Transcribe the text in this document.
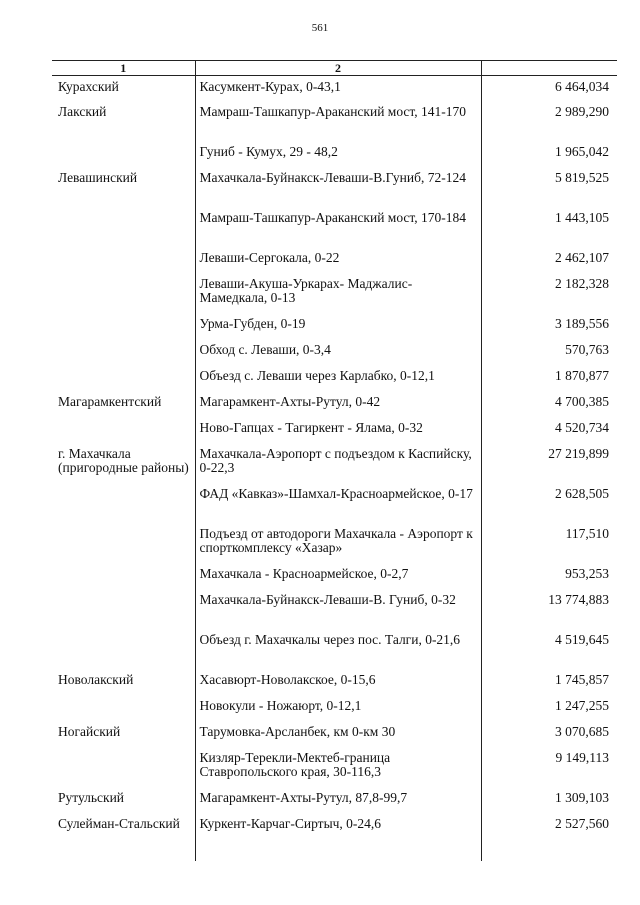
561
1	2	
Курахский	Касумкент-Курах, 0-43,1	6 464,034
Лакский	Мамраш-Ташкапур-Араканский мост, 141-170	2 989,290
	Гуниб - Кумух, 29 - 48,2	1 965,042
Левашинский	Махачкала-Буйнакск-Леваши-В.Гуниб, 72-124	5 819,525
	Мамраш-Ташкапур-Араканский мост, 170-184	1 443,105
	Леваши-Сергокала, 0-22	2 462,107
	Леваши-Акуша-Уркарах- Маджалис-Мамедкала, 0-13	2 182,328
	Урма-Губден, 0-19	3 189,556
	Обход с. Леваши, 0-3,4	570,763
	Объезд с. Леваши через Карлабко, 0-12,1	1 870,877
Магарамкентский	Магарамкент-Ахты-Рутул, 0-42	4 700,385
	Ново-Гапцах - Тагиркент - Ялама, 0-32	4 520,734
г. Махачкала (пригородные районы)	Махачкала-Аэропорт с подъездом к Каспийску, 0-22,3	27 219,899
	ФАД «Кавказ»-Шамхал-Красноармейское, 0-17	2 628,505
	Подъезд от автодороги Махачкала - Аэропорт к спорткомплексу «Хазар»	117,510
	Махачкала - Красноармейское, 0-2,7	953,253
	Махачкала-Буйнакск-Леваши-В. Гуниб, 0-32	13 774,883
	Объезд г. Махачкалы через пос. Талги, 0-21,6	4 519,645
Новолакский	Хасавюрт-Новолакское, 0-15,6	1 745,857
	Новокули - Ножаюрт, 0-12,1	1 247,255
Ногайский	Тарумовка-Арсланбек, км 0-км 30	3 070,685
	Кизляр-Терекли-Мектеб-граница Ставропольского края, 30-116,3	9 149,113
Рутульский	Магарамкент-Ахты-Рутул, 87,8-99,7	1 309,103
Сулейман-Стальский	Куркент-Карчаг-Сиртыч, 0-24,6	2 527,560
